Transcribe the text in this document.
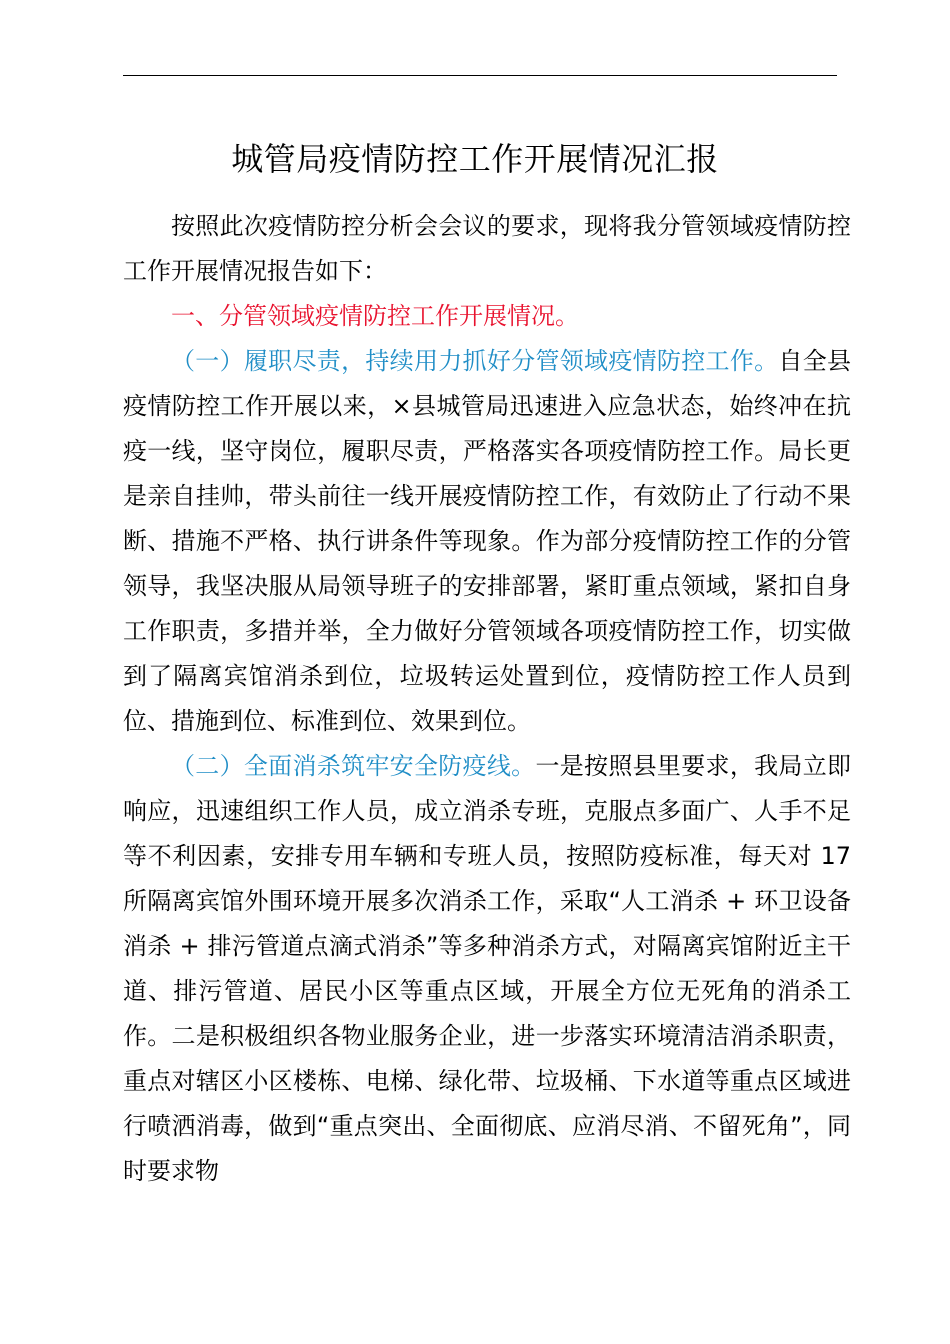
城管局疫情防控工作开展情况汇报

按照此次疫情防控分析会会议的要求，现将我分管领域疫情防控工作开展情况报告如下：

一、分管领域疫情防控工作开展情况。

（一）履职尽责，持续用力抓好分管领域疫情防控工作。自全县疫情防控工作开展以来，×县城管局迅速进入应急状态，始终冲在抗疫一线，坚守岗位，履职尽责，严格落实各项疫情防控工作。局长更是亲自挂帅，带头前往一线开展疫情防控工作，有效防止了行动不果断、措施不严格、执行讲条件等现象。作为部分疫情防控工作的分管领导，我坚决服从局领导班子的安排部署，紧盯重点领域，紧扣自身工作职责，多措并举，全力做好分管领域各项疫情防控工作，切实做到了隔离宾馆消杀到位，垃圾转运处置到位，疫情防控工作人员到位、措施到位、标准到位、效果到位。

（二）全面消杀筑牢安全防疫线。一是按照县里要求，我局立即响应，迅速组织工作人员，成立消杀专班，克服点多面广、人手不足等不利因素，安排专用车辆和专班人员，按照防疫标准，每天对 17 所隔离宾馆外围环境开展多次消杀工作，采取“人工消杀 + 环卫设备消杀 + 排污管道点滴式消杀”等多种消杀方式，对隔离宾馆附近主干道、排污管道、居民小区等重点区域，开展全方位无死角的消杀工作。二是积极组织各物业服务企业，进一步落实环境清洁消杀职责，重点对辖区小区楼栋、电梯、绿化带、垃圾桶、下水道等重点区域进行喷洒消毒，做到“重点突出、全面彻底、应消尽消、不留死角”，同时要求物
